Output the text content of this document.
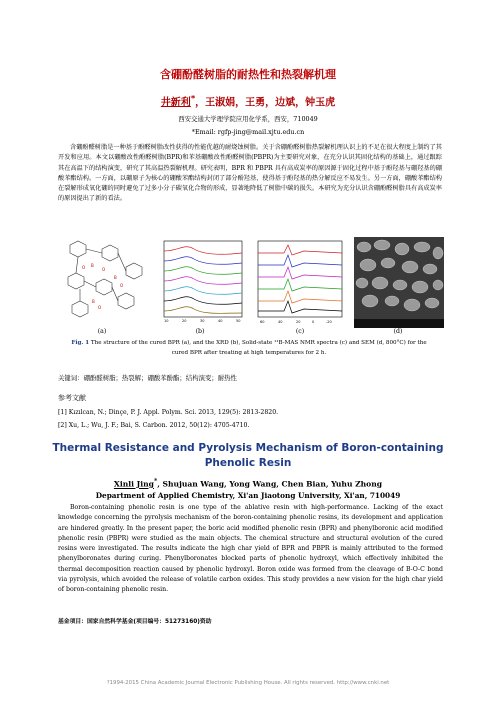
含硼酚醛树脂的耐热性和热裂解机理
井新利*，王淑娟，王勇，边斌，钟玉虎
西安交通大学理学院应用化学系，西安，710049
*Email: rgfp-jing@mail.xjtu.edu.cn
含硼酚醛树脂是一种基于酚醛树脂改性获得的性能优越的耐烧蚀树脂。关于含硼酚醛树脂热裂解机理认识上的不足在很大程度上制约了其开发和应用。本文以硼酸改性酚醛树脂(BPR)和苯基硼酸改性酚醛树脂(PBPR)为主要研究对象，在充分认识其固化结构的基础上，通过跟踪其在高温下的结构演变，研究了其高温热裂解机理。研究表明，BPR 和 PBPR 具有高成炭率的原因源于固化过程中基于酚羟基与硼羟基的硼酸苯酯结构。一方面，以硼原子为核心的硼酸苯酯结构封闭了部分酚羟基，使得基于酚羟基的热分解反应不易发生。另一方面，硼酸苯酯结构在裂解形成氧化硼的同时避免了过多小分子碳氧化合物的形成，显著地降低了树脂中碳的损失。本研究为充分认识含硼酚醛树脂具有高成炭率的原因提出了新的看法。
B
B
B
O
O
O
O
10	20	30	40	50	60	40	20	0	-20
(a)	(b)	(c)	(d)
Fig. 1 The structure of the cured BPR (a), and the XRD (b), Solid-state ¹¹B-MAS NMR spectra (c) and SEM (d, 800°C) for the cured BPR after treating at high temperatures for 2 h.
关键词：硼酚醛树脂；热裂解；硼酸苯酚酯；结构演变；耐热性
参考文献
[1] Kızılcan, N.; Dinçe, P. J. Appl. Polym. Sci. 2013, 129(5): 2813-2820.
[2] Xu, L.; Wu, J. F.; Bai, S. Carbon. 2012, 50(12): 4705-4710.
Thermal Resistance and Pyrolysis Mechanism of Boron-containing
Phenolic Resin
Xinli Jing*, Shujuan Wang, Yong Wang, Chen Bian, Yuhu Zhong
Department of Applied Chemistry, Xi'an Jiaotong University, Xi'an, 710049
Boron-containing phenolic resin is one type of the ablative resin with high-performance. Lacking of the exact knowledge concerning the pyrolysis mechanism of the boron-containing phenolic resins, its development and application are hindered greatly. In the present paper, the boric acid modified phenolic resin (BPR) and phenylboronic acid modified phenolic resin (PBPR) were studied as the main objects. The chemical structure and structural evolution of the cured resins were investigated. The results indicate the high char yield of BPR and PBPR is mainly attributed to the formed phenylboronates during curing. Phenylboronates blocked parts of phenolic hydroxyl, which effectively inhibited the thermal decomposition reaction caused by phenolic hydroxyl. Boron oxide was formed from the cleavage of B-O-C bond via pyrolysis, which avoided the release of volatile carbon oxides. This study provides a new vision for the high char yield of boron-containing phenolic resin.
基金项目：国家自然科学基金(项目编号：51273160)资助
?1994-2015 China Academic Journal Electronic Publishing House. All rights reserved. http://www.cnki.net
